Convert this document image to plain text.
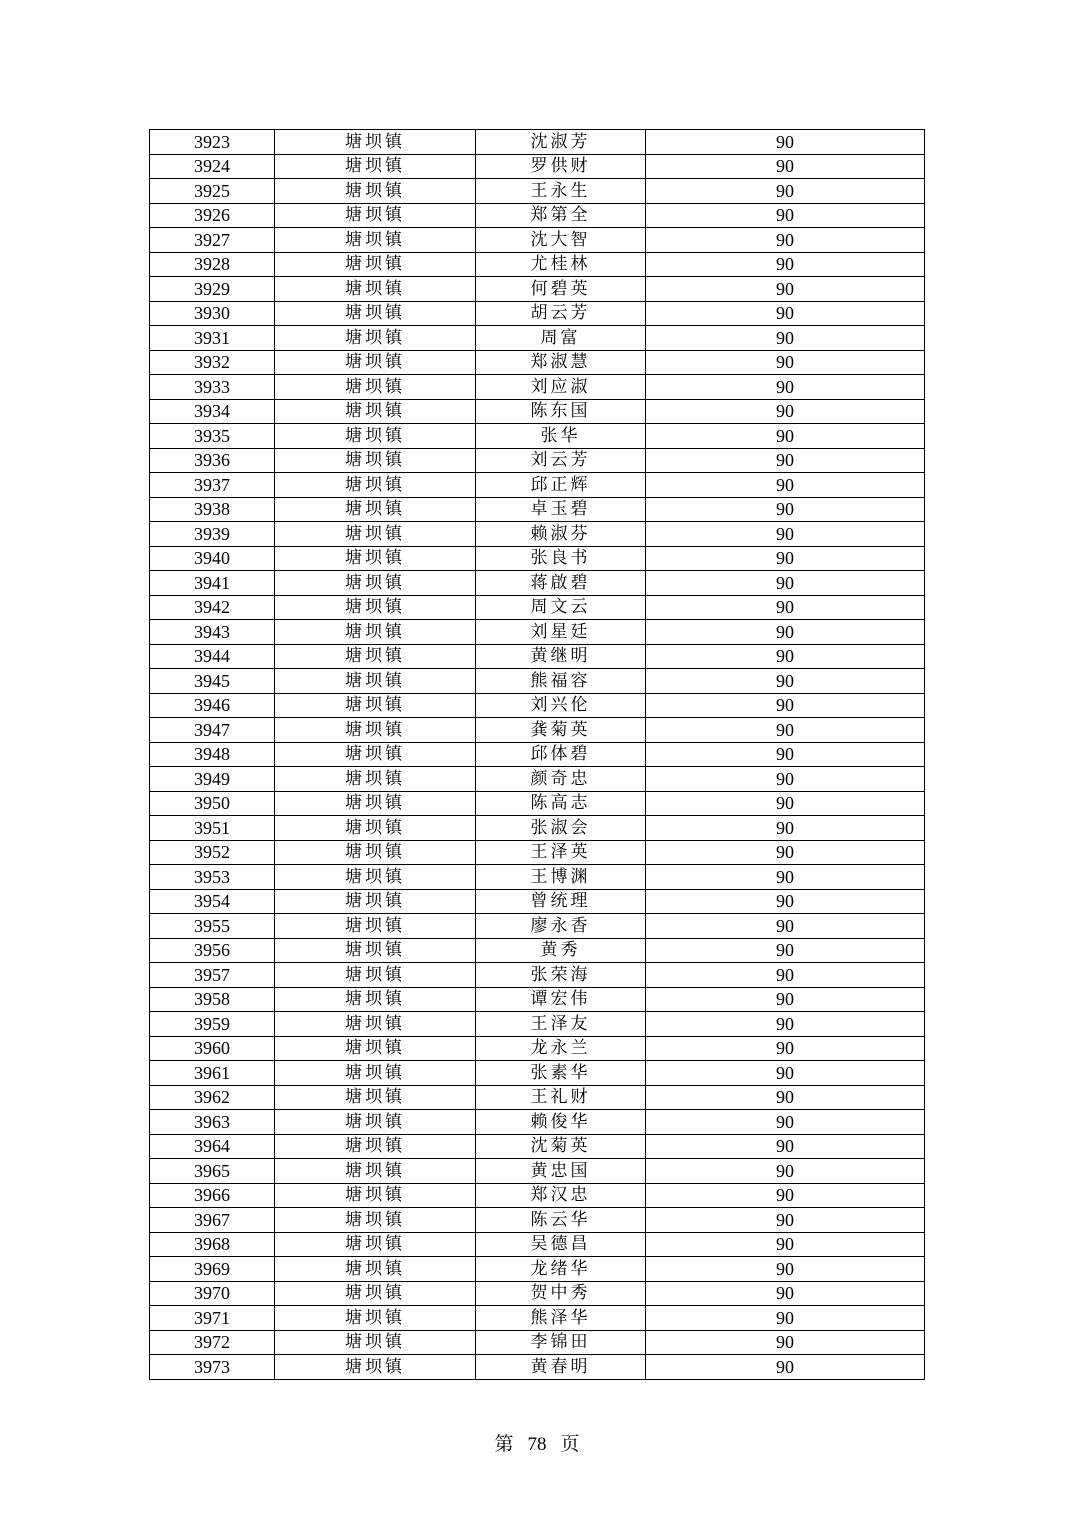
3923	塘坝镇	沈淑芳	90
3924	塘坝镇	罗供财	90
3925	塘坝镇	王永生	90
3926	塘坝镇	郑第全	90
3927	塘坝镇	沈大智	90
3928	塘坝镇	尤桂林	90
3929	塘坝镇	何碧英	90
3930	塘坝镇	胡云芳	90
3931	塘坝镇	周富	90
3932	塘坝镇	郑淑慧	90
3933	塘坝镇	刘应淑	90
3934	塘坝镇	陈东国	90
3935	塘坝镇	张华	90
3936	塘坝镇	刘云芳	90
3937	塘坝镇	邱正辉	90
3938	塘坝镇	卓玉碧	90
3939	塘坝镇	赖淑芬	90
3940	塘坝镇	张良书	90
3941	塘坝镇	蒋啟碧	90
3942	塘坝镇	周文云	90
3943	塘坝镇	刘星廷	90
3944	塘坝镇	黄继明	90
3945	塘坝镇	熊福容	90
3946	塘坝镇	刘兴伦	90
3947	塘坝镇	龚菊英	90
3948	塘坝镇	邱体碧	90
3949	塘坝镇	颜奇忠	90
3950	塘坝镇	陈高志	90
3951	塘坝镇	张淑会	90
3952	塘坝镇	王泽英	90
3953	塘坝镇	王博渊	90
3954	塘坝镇	曾统理	90
3955	塘坝镇	廖永香	90
3956	塘坝镇	黄秀	90
3957	塘坝镇	张荣海	90
3958	塘坝镇	谭宏伟	90
3959	塘坝镇	王泽友	90
3960	塘坝镇	龙永兰	90
3961	塘坝镇	张素华	90
3962	塘坝镇	王礼财	90
3963	塘坝镇	赖俊华	90
3964	塘坝镇	沈菊英	90
3965	塘坝镇	黄忠国	90
3966	塘坝镇	郑汉忠	90
3967	塘坝镇	陈云华	90
3968	塘坝镇	吴德昌	90
3969	塘坝镇	龙绪华	90
3970	塘坝镇	贺中秀	90
3971	塘坝镇	熊泽华	90
3972	塘坝镇	李锦田	90
3973	塘坝镇	黄春明	90
第 78 页
